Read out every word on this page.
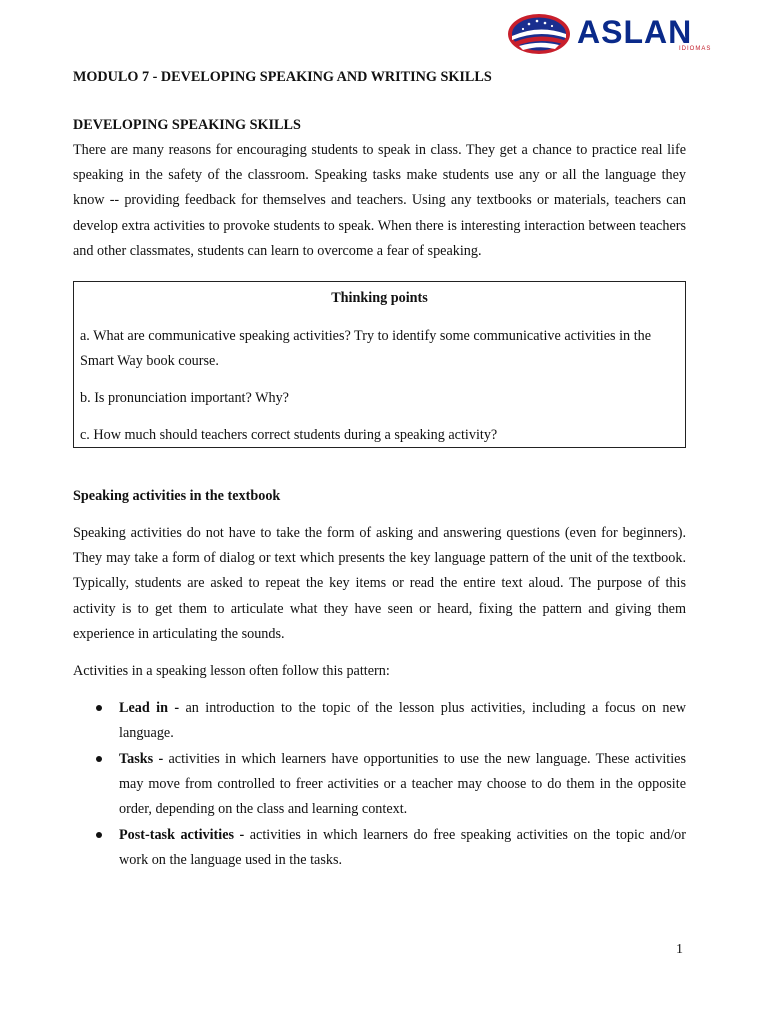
ASLAN
IDIOMAS

MODULO 7 - DEVELOPING SPEAKING AND WRITING SKILLS

DEVELOPING SPEAKING SKILLS

There are many reasons for encouraging students to speak in class. They get a chance to practice real life speaking in the safety of the classroom. Speaking tasks make students use any or all the language they know -- providing feedback for themselves and teachers. Using any textbooks or materials, teachers can develop extra activities to provoke students to speak. When there is interesting interaction between teachers and other classmates, students can learn to overcome a fear of speaking.

Thinking points

a. What are communicative speaking activities? Try to identify some communicative activities in the Smart Way book course.

b. Is pronunciation important? Why?

c. How much should teachers correct students during a speaking activity?

Speaking activities in the textbook

Speaking activities do not have to take the form of asking and answering questions (even for beginners). They may take a form of dialog or text which presents the key language pattern of the unit of the textbook. Typically, students are asked to repeat the key items or read the entire text aloud. The purpose of this activity is to get them to articulate what they have seen or heard, fixing the pattern and giving them experience in articulating the sounds.

Activities in a speaking lesson often follow this pattern:

Lead in - an introduction to the topic of the lesson plus activities, including a focus on new language.
Tasks - activities in which learners have opportunities to use the new language. These activities may move from controlled to freer activities or a teacher may choose to do them in the opposite order, depending on the class and learning context.
Post-task activities - activities in which learners do free speaking activities on the topic and/or work on the language used in the tasks.
1
